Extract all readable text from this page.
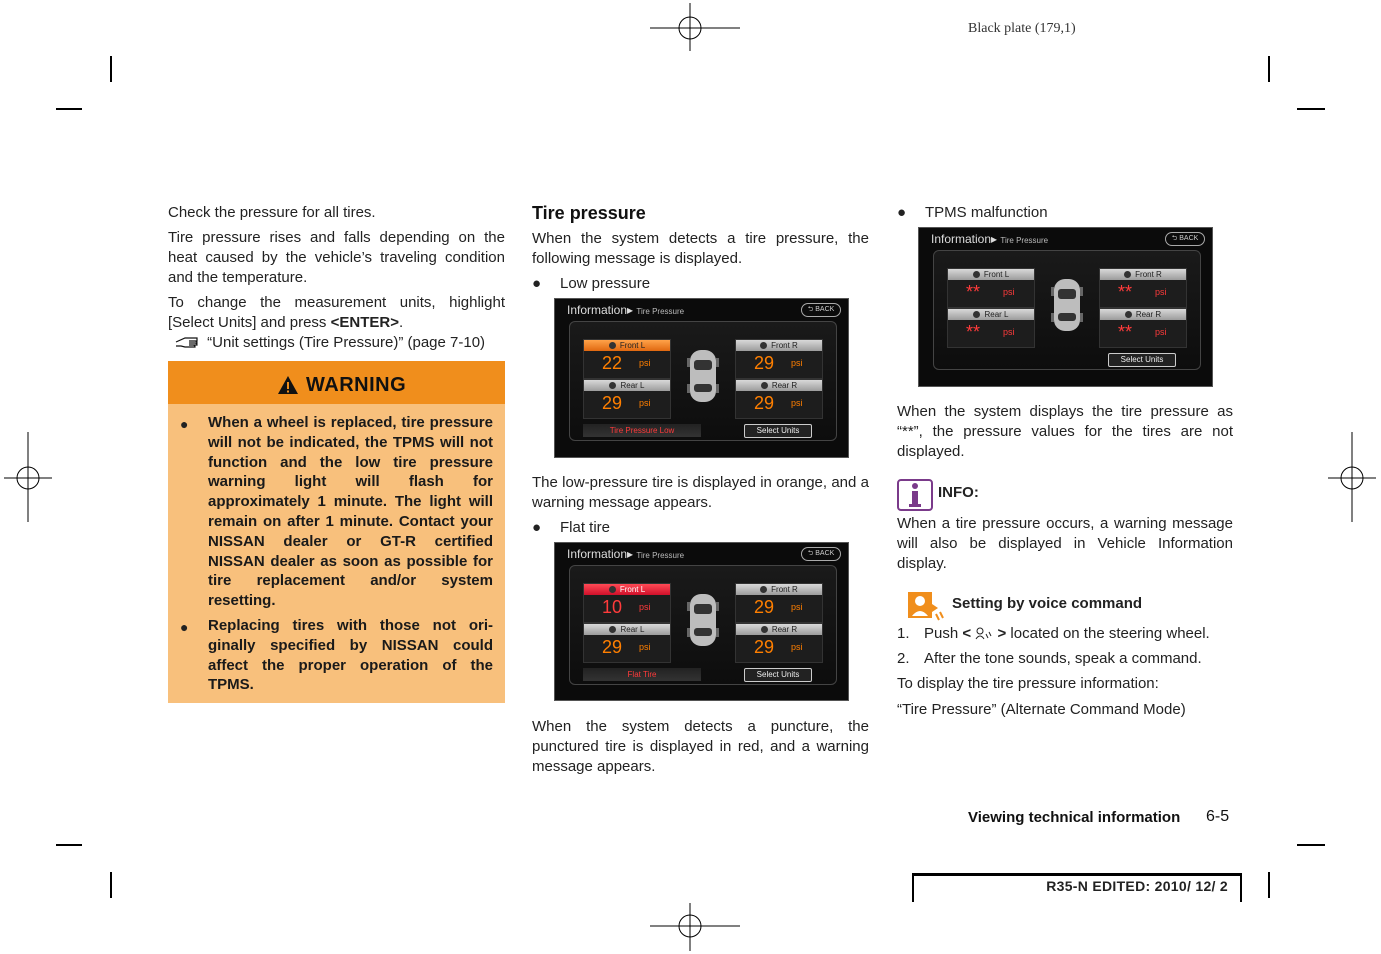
Black plate (179,1)
Check the pressure for all tires.
Tire pressure rises and falls depending on the heat caused by the vehicle’s traveling condition and the temperature.
To change the measurement units, highlight [Select Units] and press <ENTER>.
“Unit settings (Tire Pressure)” (page 7-10)
WARNING
● When a wheel is replaced, tire pressure will not be indicated, the TPMS will not function and the low tire pressure warning light will flash for approximately 1 minute. The light will remain on after 1 minute. Contact your NISSAN dealer or GT-R certified NISSAN dealer as soon as possible for tire replacement and/or system resetting.
● Replacing tires with those not ori-ginally specified by NISSAN could affect the proper operation of the TPMS.
Tire pressure
When the system detects a tire pressure, the following message is displayed.
● Low pressure
Information▸ Tire Pressure	⮌ BACK
Front L
22 psi
Front R
29 psi
Rear L
29 psi
Rear R
29 psi
Tire Pressure Low	Select Units
The low-pressure tire is displayed in orange, and a warning message appears.
● Flat tire
Information▸ Tire Pressure	⮌ BACK
Front L
10 psi
Front R
29 psi
Rear L
29 psi
Rear R
29 psi
Flat Tire	Select Units
When the system detects a puncture, the punctured tire is displayed in red, and a warning message appears.
● TPMS malfunction
Information▸ Tire Pressure	⮌ BACK
Front L
**	psi
Front R
**	psi
Rear L
**	psi
Rear R
**	psi
Select Units
When the system displays the tire pressure as “**”, the pressure values for the tires are not displayed.
INFO:
When a tire pressure occurs, a warning message will also be displayed in Vehicle Information display.
Setting by voice command
1. Push < > located on the steering wheel.
2. After the tone sounds, speak a command.
To display the tire pressure information:
“Tire Pressure” (Alternate Command Mode)
Viewing technical information 6-5
R35-N EDITED: 2010/ 12/ 2
